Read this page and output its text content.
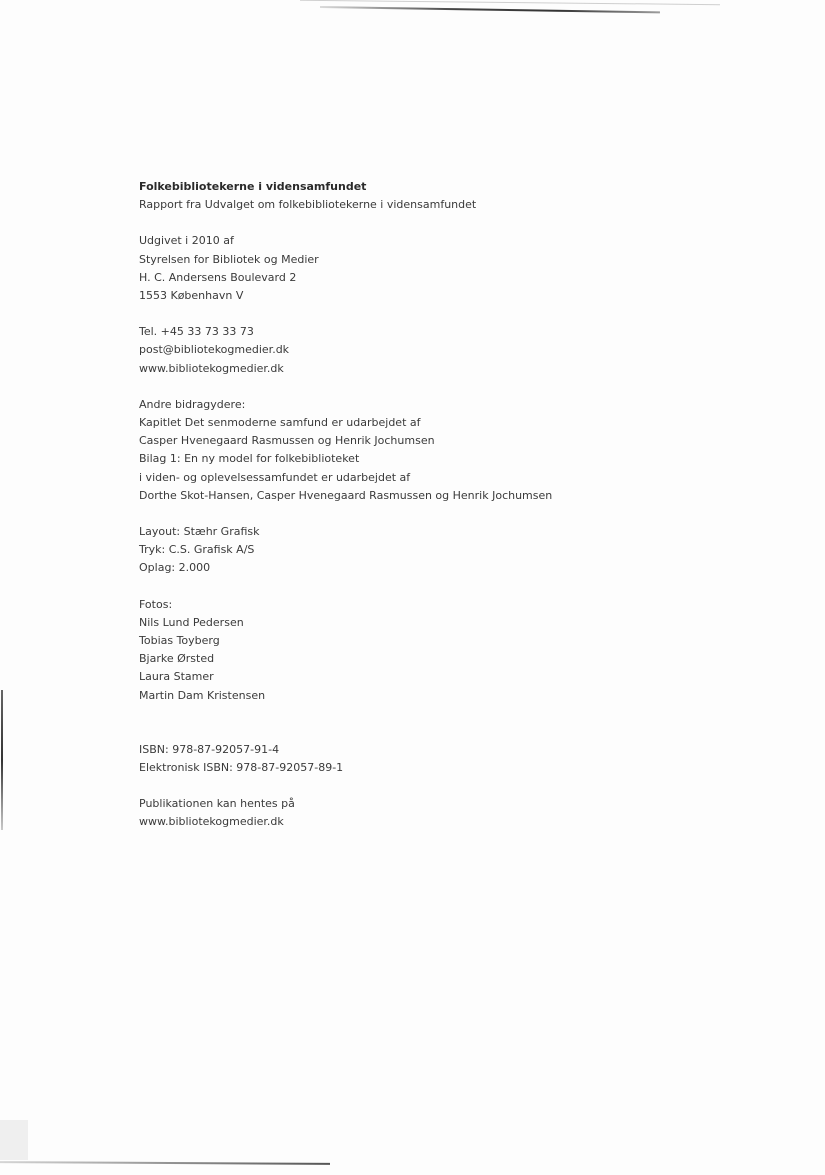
Folkebibliotekerne i vidensamfundet
Rapport fra Udvalget om folkebibliotekerne i vidensamfundet
Udgivet i 2010 af
Styrelsen for Bibliotek og Medier
H. C. Andersens Boulevard 2
1553 København V
Tel. +45 33 73 33 73
post@bibliotekogmedier.dk
www.bibliotekogmedier.dk
Andre bidragydere:
Kapitlet Det senmoderne samfund er udarbejdet af
Casper Hvenegaard Rasmussen og Henrik Jochumsen
Bilag 1: En ny model for folkebiblioteket
i viden- og oplevelsessamfundet er udarbejdet af
Dorthe Skot-Hansen, Casper Hvenegaard Rasmussen og Henrik Jochumsen
Layout: Stæhr Grafisk
Tryk: C.S. Grafisk A/S
Oplag: 2.000
Fotos:
Nils Lund Pedersen
Tobias Toyberg
Bjarke Ørsted
Laura Stamer
Martin Dam Kristensen
ISBN: 978-87-92057-91-4
Elektronisk ISBN: 978-87-92057-89-1
Publikationen kan hentes på
www.bibliotekogmedier.dk
